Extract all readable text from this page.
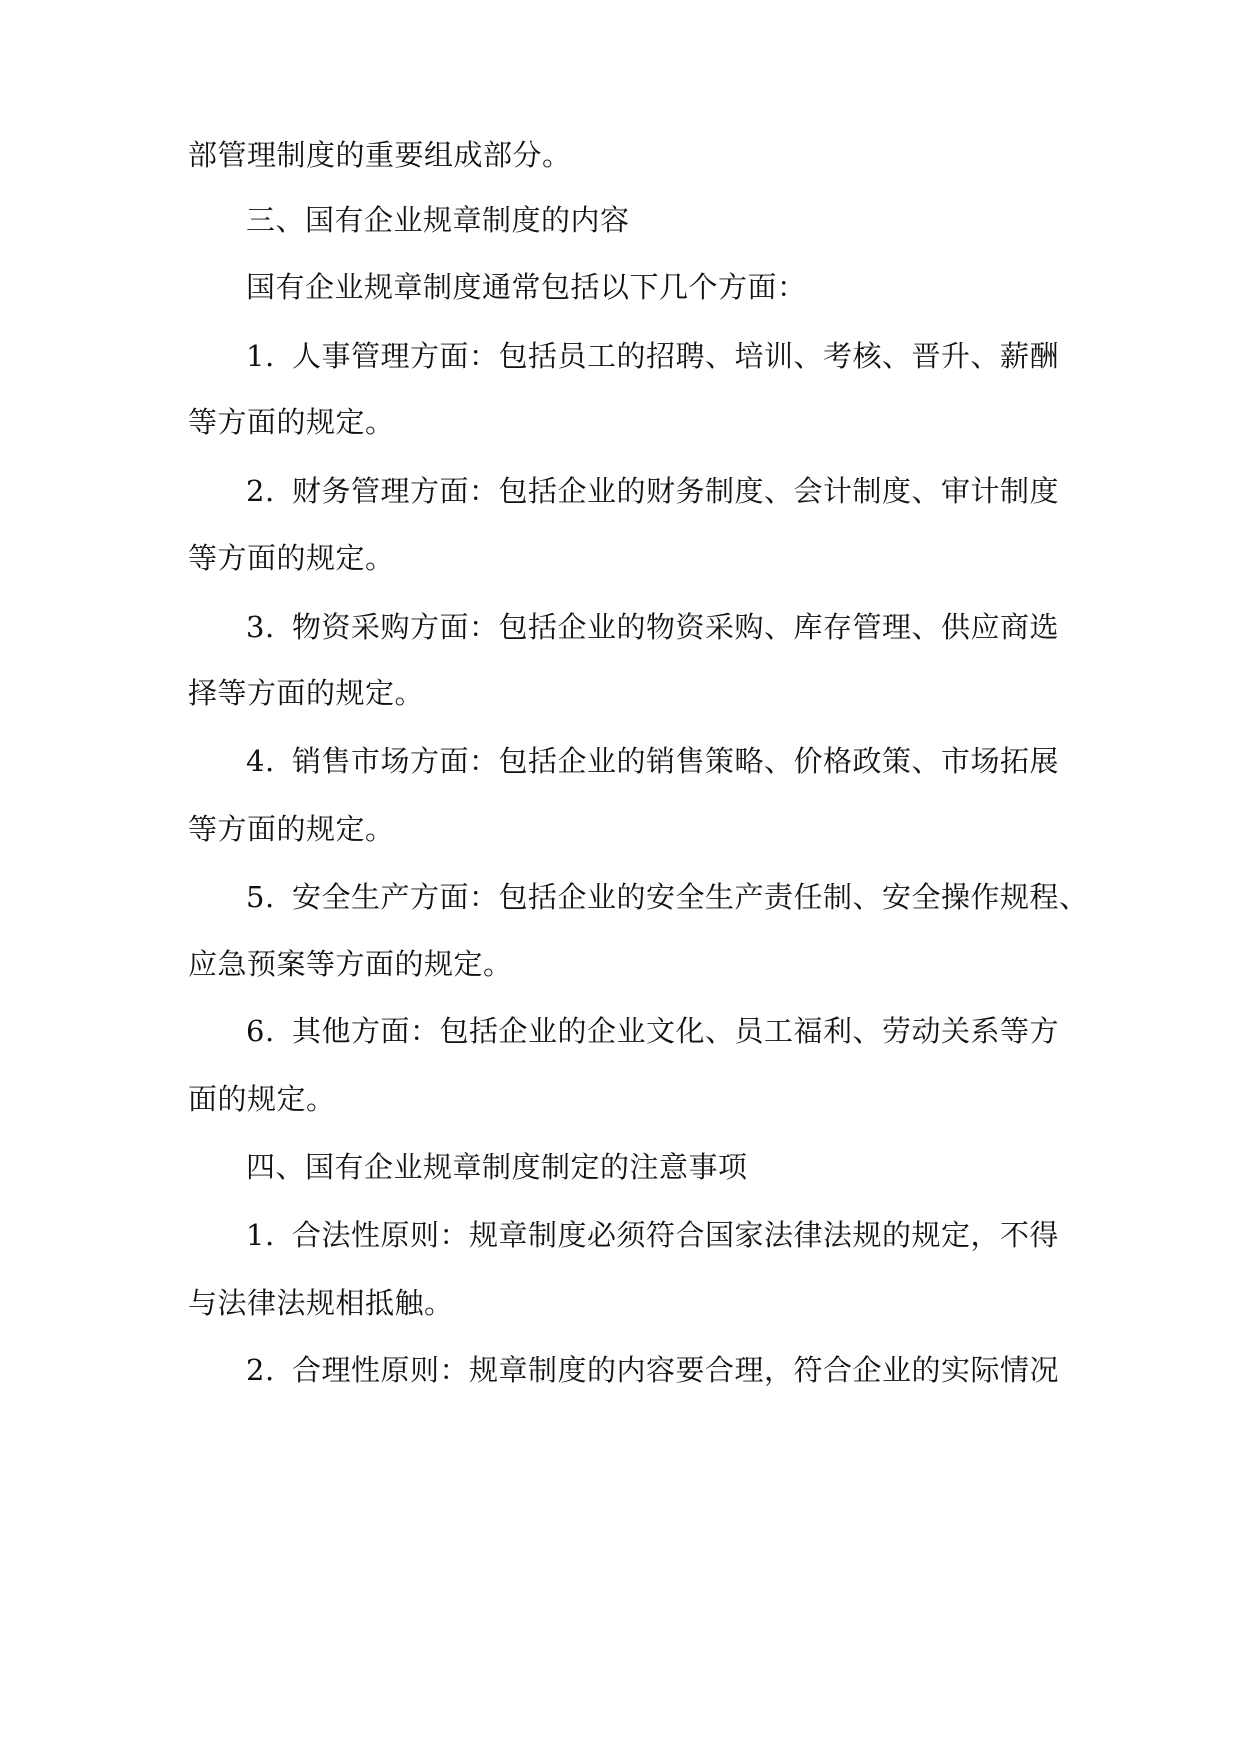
部管理制度的重要组成部分。
三、国有企业规章制度的内容
国有企业规章制度通常包括以下几个方面：
1. 人事管理方面：包括员工的招聘、培训、考核、晋升、薪酬
等方面的规定。
2. 财务管理方面：包括企业的财务制度、会计制度、审计制度
等方面的规定。
3. 物资采购方面：包括企业的物资采购、库存管理、供应商选
择等方面的规定。
4. 销售市场方面：包括企业的销售策略、价格政策、市场拓展
等方面的规定。
5. 安全生产方面：包括企业的安全生产责任制、安全操作规程、
应急预案等方面的规定。
6. 其他方面：包括企业的企业文化、员工福利、劳动关系等方
面的规定。
四、国有企业规章制度制定的注意事项
1. 合法性原则：规章制度必须符合国家法律法规的规定，不得
与法律法规相抵触。
2. 合理性原则：规章制度的内容要合理，符合企业的实际情况
